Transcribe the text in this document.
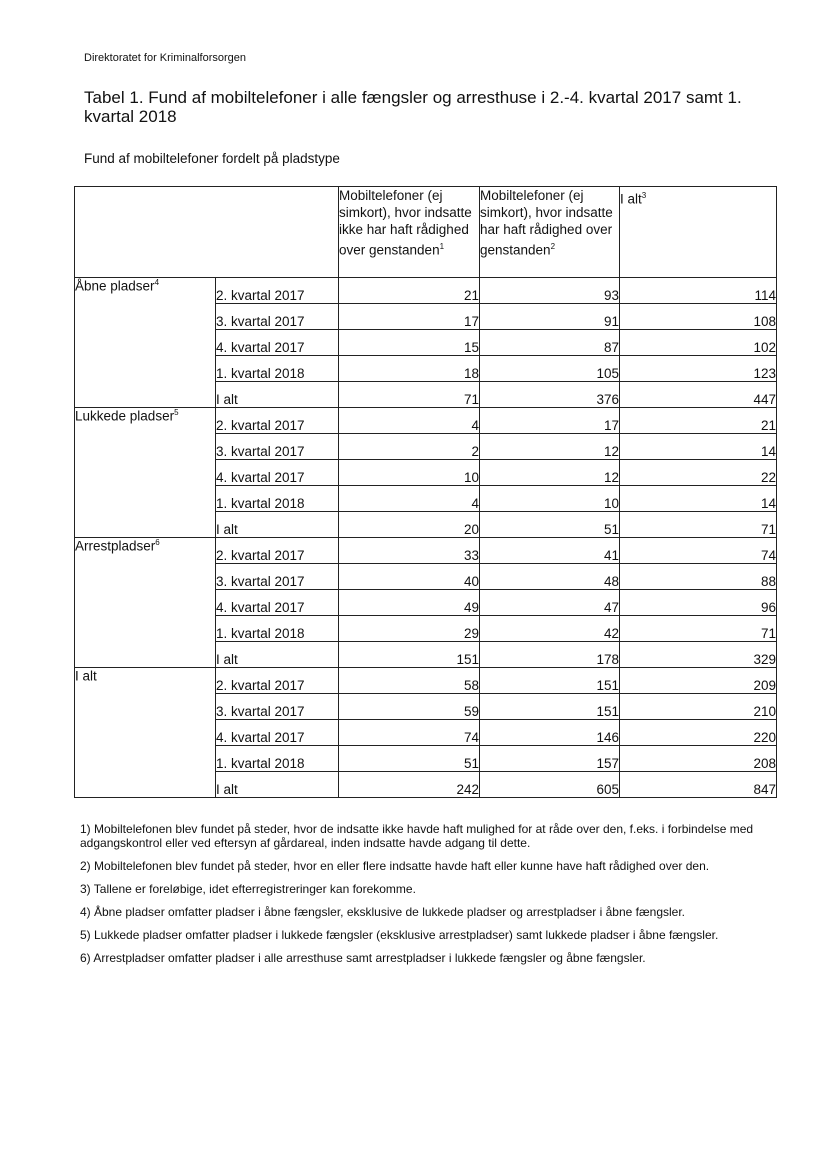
Direktoratet for Kriminalforsorgen
Tabel 1. Fund af mobiltelefoner i alle fængsler og arresthuse i 2.-4. kvartal 2017 samt 1. kvartal 2018
Fund af mobiltelefoner fordelt på pladstype
		Mobiltelefoner (ej simkort), hvor indsatte ikke har haft rådighed over genstanden$^1$	Mobiltelefoner (ej simkort), hvor indsatte har haft rådighed over genstanden$^2$	I alt$^3$
Åbne pladser$^4$	2. kvartal 2017	21	93	114
	3. kvartal 2017	17	91	108
	4. kvartal 2017	15	87	102
	1. kvartal 2018	18	105	123
	I alt	71	376	447
Lukkede pladser$^5$	2. kvartal 2017	4	17	21
	3. kvartal 2017	2	12	14
	4. kvartal 2017	10	12	22
	1. kvartal 2018	4	10	14
	I alt	20	51	71
Arrestpladser$^6$	2. kvartal 2017	33	41	74
	3. kvartal 2017	40	48	88
	4. kvartal 2017	49	47	96
	1. kvartal 2018	29	42	71
	I alt	151	178	329
I alt	2. kvartal 2017	58	151	209
	3. kvartal 2017	59	151	210
	4. kvartal 2017	74	146	220
	1. kvartal 2018	51	157	208
	I alt	242	605	847

1) Mobiltelefonen blev fundet på steder, hvor de indsatte ikke havde haft mulighed for at råde over den, f.eks. i forbindelse med adgangskontrol eller ved eftersyn af gårdareal, inden indsatte havde adgang til dette.

2) Mobiltelefonen blev fundet på steder, hvor en eller flere indsatte havde haft eller kunne have haft rådighed over den.

3) Tallene er foreløbige, idet efterregistreringer kan forekomme.

4) Åbne pladser omfatter pladser i åbne fængsler, eksklusive de lukkede pladser og arrestpladser i åbne fængsler.

5) Lukkede pladser omfatter pladser i lukkede fængsler (eksklusive arrestpladser) samt lukkede pladser i åbne fængsler.

6) Arrestpladser omfatter pladser i alle arresthuse samt arrestpladser i lukkede fængsler og åbne fængsler.
